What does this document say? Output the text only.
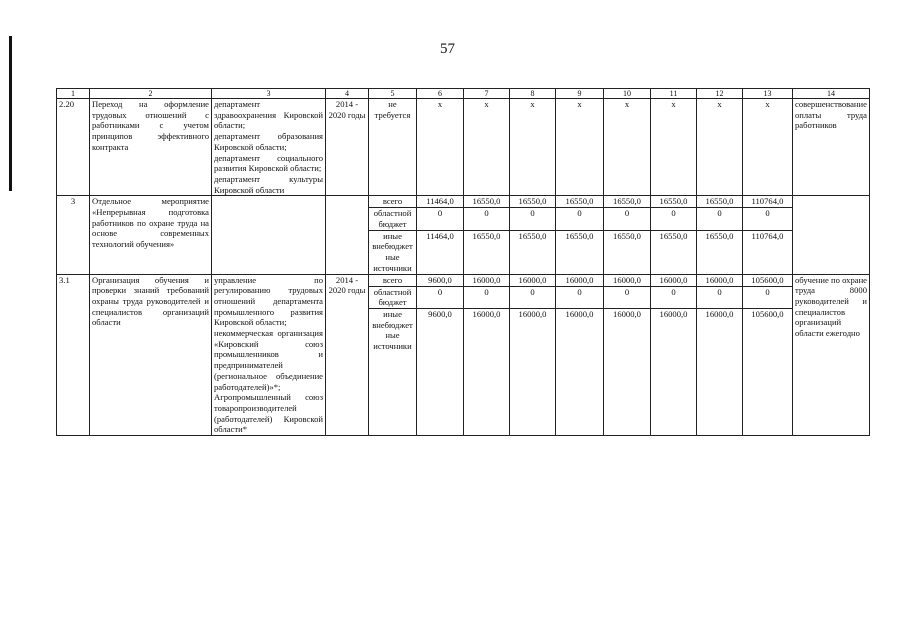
57
1	2	3	4	5	6	7	8	9	10	11	12	13	14
2.20	Переход на оформление трудовых отношений с работниками с учетом принципов эффективного контракта	департамент здравоохранения Кировской области;
департамент образования Кировской области;
департамент социального развития Кировской области;
департамент культуры Кировской области	2014 - 2020 годы	не требуется	х	х	х	х	х	х	х	х	совершенствование оплаты труда работников
3	Отдельное мероприятие «Непрерывная подготовка работников по охране труда на основе современных технологий обучения»			всего	11464,0	16550,0	16550,0	16550,0	16550,0	16550,0	16550,0	110764,0	
				областной бюджет	0	0	0	0	0	0	0	0	
				иные внебюджетные источники	11464,0	16550,0	16550,0	16550,0	16550,0	16550,0	16550,0	110764,0	
3.1	Организация обучения и проверки знаний требований охраны труда руководителей и специалистов организаций области	управление по регулированию трудовых отношений департамента промышленного развития Кировской области;
некоммерческая организация «Кировский союз промышленников и предпринимателей (региональное объединение работодателей)»*;
Агропромышленный союз товаропроизводителей (работодателей) Кировской области*	2014 - 2020 годы	всего	9600,0	16000,0	16000,0	16000,0	16000,0	16000,0	16000,0	105600,0	обучение по охране труда 8000 руководителей и специалистов организаций области ежегодно
				областной бюджет	0	0	0	0	0	0	0	0	
				иные внебюджетные источники	9600,0	16000,0	16000,0	16000,0	16000,0	16000,0	16000,0	105600,0	
